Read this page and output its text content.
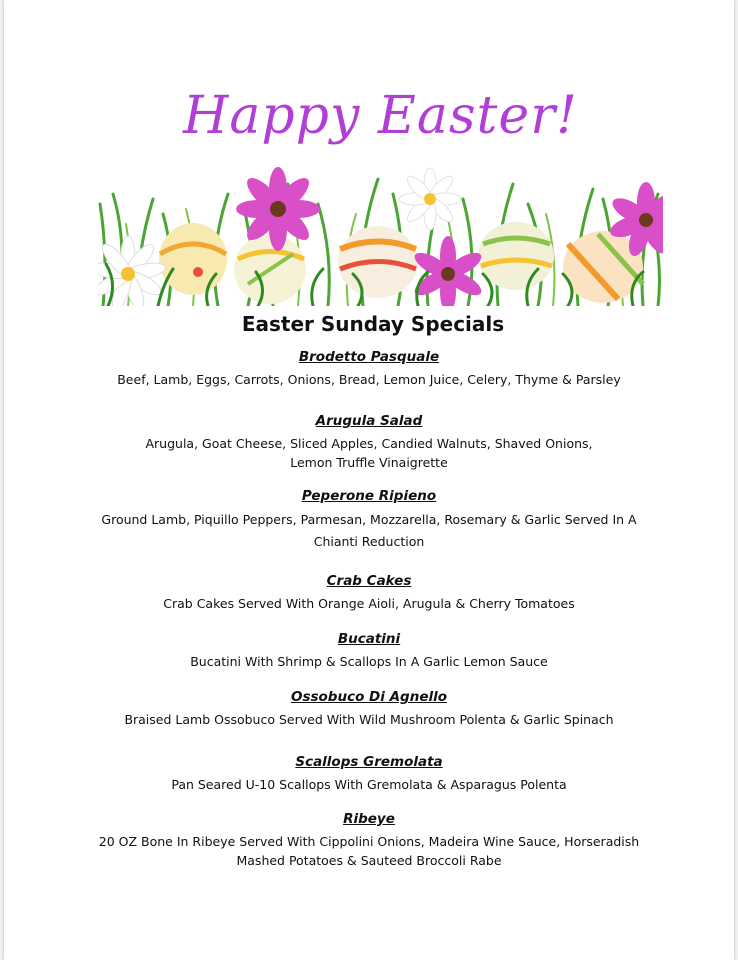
Happy Easter!
Easter Sunday Specials
Brodetto Pasquale
Beef, Lamb, Eggs, Carrots, Onions, Bread, Lemon Juice, Celery, Thyme & Parsley
Arugula Salad
Arugula, Goat Cheese, Sliced Apples, Candied Walnuts, Shaved Onions,
Lemon Truffle Vinaigrette
Peperone Ripieno
Ground Lamb, Piquillo Peppers, Parmesan, Mozzarella, Rosemary & Garlic Served In A
Chianti Reduction
Crab Cakes
Crab Cakes Served With Orange Aioli, Arugula & Cherry Tomatoes
Bucatini
Bucatini With Shrimp & Scallops In A Garlic Lemon Sauce
Ossobuco Di Agnello
Braised Lamb Ossobuco Served With Wild Mushroom Polenta & Garlic Spinach
Scallops Gremolata
Pan Seared U-10 Scallops With Gremolata & Asparagus Polenta
Ribeye
20 OZ Bone In Ribeye Served With Cippolini Onions, Madeira Wine Sauce, Horseradish
Mashed Potatoes & Sauteed Broccoli Rabe
